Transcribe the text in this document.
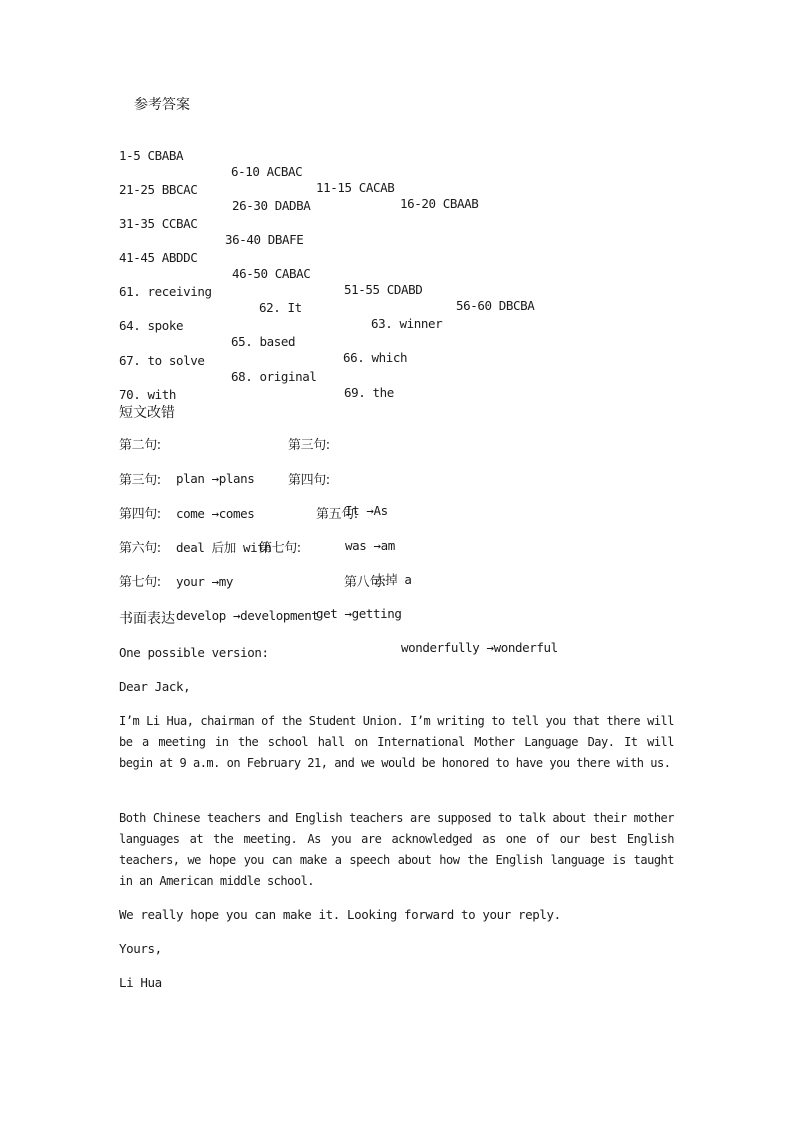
参考答案

1-5 CBABA

6-10 ACBAC

11-15 CACAB

16-20 CBAAB

21-25 BBCAC

26-30 DADBA

31-35 CCBAC

36-40 DBAFE

41-45 ABDDC

46-50 CABAC

51-55 CDABD

56-60 DBCBA

61. receiving

62. It

63. winner

64. spoke

65. based

66. which

67. to solve

68. original

69. the

70. with

短文改错

第二句:

plan →plans

第三句:

It →As

第三句:

come →comes

第四句:

was →am

第四句:

deal 后加 with

第五句:

去掉 a

第六句:

your →my

第七句:

get →getting

第七句:

develop →development

第八句:

wonderfully →wonderful

书面表达
One possible version:
Dear Jack,
I’m Li Hua, chairman of the Student Union. I’m writing to tell you that there will be a meeting in the school hall on International Mother Language Day. It will begin at 9 a.m. on February 21, and we would be honored to have you there with us.
Both Chinese teachers and English teachers are supposed to talk about their mother languages at the meeting. As you are acknowledged as one of our best English teachers, we hope you can make a speech about how the English language is taught in an American middle school.
We really hope you can make it. Looking forward to your reply.
Yours,
Li Hua
